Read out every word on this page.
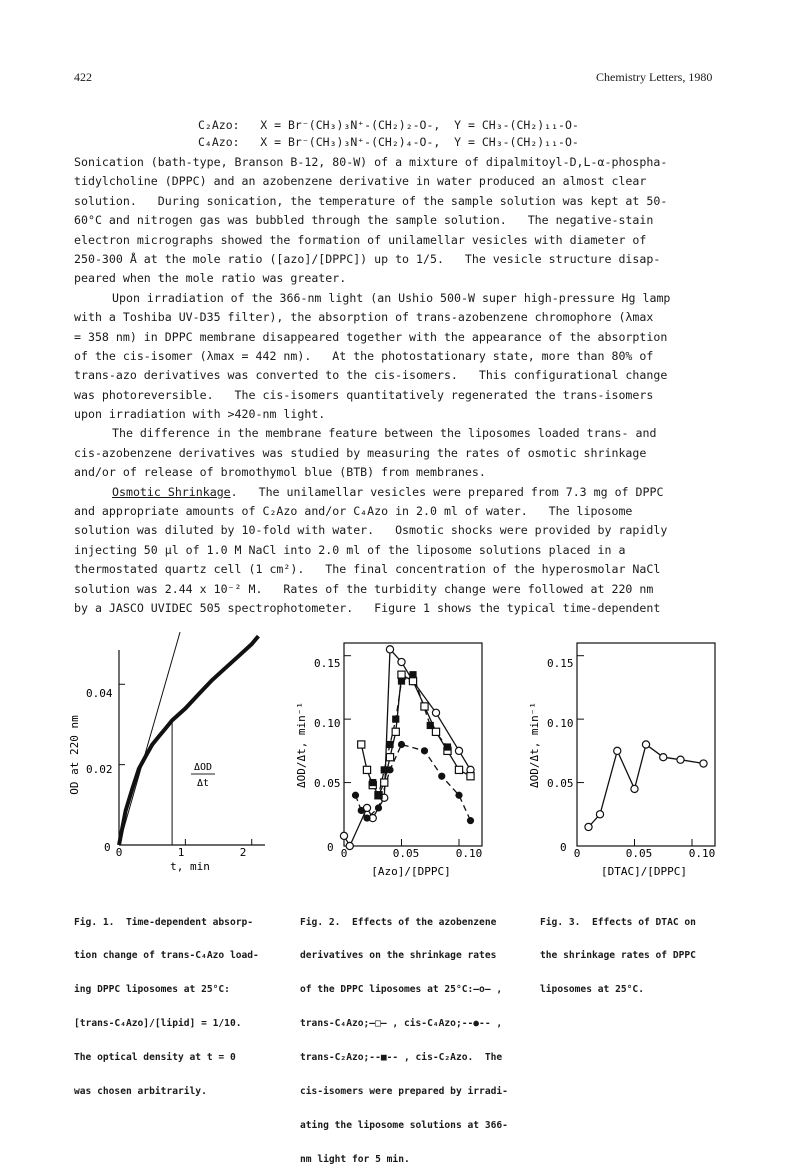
422	Chemistry Letters, 1980
C₂Azo:   X = Br⁻(CH₃)₃N⁺-(CH₂)₂-O-,  Y = CH₃-(CH₂)₁₁-O-
C₄Azo:   X = Br⁻(CH₃)₃N⁺-(CH₂)₄-O-,  Y = CH₃-(CH₂)₁₁-O-
Sonication (bath-type, Branson B-12, 80-W) of a mixture of dipalmitoyl-D,L-α-phospha-
tidylcholine (DPPC) and an azobenzene derivative in water produced an almost clear
solution.   During sonication, the temperature of the sample solution was kept at 50-
60°C and nitrogen gas was bubbled through the sample solution.   The negative-stain
electron micrographs showed the formation of unilamellar vesicles with diameter of
250-300 Å at the mole ratio ([azo]/[DPPC]) up to 1/5.   The vesicle structure disap-
peared when the mole ratio was greater.
Upon irradiation of the 366-nm light (an Ushio 500-W super high-pressure Hg lamp
with a Toshiba UV-D35 filter), the absorption of trans-azobenzene chromophore (λmax
= 358 nm) in DPPC membrane disappeared together with the appearance of the absorption
of the cis-isomer (λmax = 442 nm).   At the photostationary state, more than 80% of
trans-azo derivatives was converted to the cis-isomers.   This configurational change
was photoreversible.   The cis-isomers quantitatively regenerated the trans-isomers
upon irradiation with >420-nm light.
The difference in the membrane feature between the liposomes loaded trans- and
cis-azobenzene derivatives was studied by measuring the rates of osmotic shrinkage
and/or of release of bromothymol blue (BTB) from membranes.
Osmotic Shrinkage.   The unilamellar vesicles were prepared from 7.3 mg of DPPC
and appropriate amounts of C₂Azo and/or C₄Azo in 2.0 ml of water.   The liposome
solution was diluted by 10-fold with water.   Osmotic shocks were provided by rapidly
injecting 50 μl of 1.0 M NaCl into 2.0 ml of the liposome solutions placed in a
thermostated quartz cell (1 cm²).   The final concentration of the hyperosmolar NaCl
solution was 2.44 x 10⁻² M.   Rates of the turbidity change were followed at 220 nm
by a JASCO UVIDEC 505 spectrophotometer.   Figure 1 shows the typical time-dependent
0.04
0.02
0 0	1	2
t, min
OD at 220 nm	ΔOD
Δt
0.15
0.10
0.05
0 0	0.05	0.10
[Azo]/[DPPC]
ΔOD/Δt, min⁻¹
0.15
0.10
0.05
0 0	0.05	0.10
[DTAC]/[DPPC]
ΔOD/Δt, min⁻¹

Fig. 1.  Time-dependent absorp-

tion change of trans-C₄Azo load-

ing DPPC liposomes at 25°C:

[trans-C₄Azo]/[lipid] = 1/10.

The optical density at t = 0

was chosen arbitrarily.

Fig. 2.  Effects of the azobenzene

derivatives on the shrinkage rates

of the DPPC liposomes at 25°C:—o— ,

trans-C₄Azo;—□— , cis-C₄Azo;--●-- ,

trans-C₂Azo;--■-- , cis-C₂Azo.  The

cis-isomers were prepared by irradi-

ating the liposome solutions at 366-

nm light for 5 min.

Fig. 3.  Effects of DTAC on

the shrinkage rates of DPPC

liposomes at 25°C.
